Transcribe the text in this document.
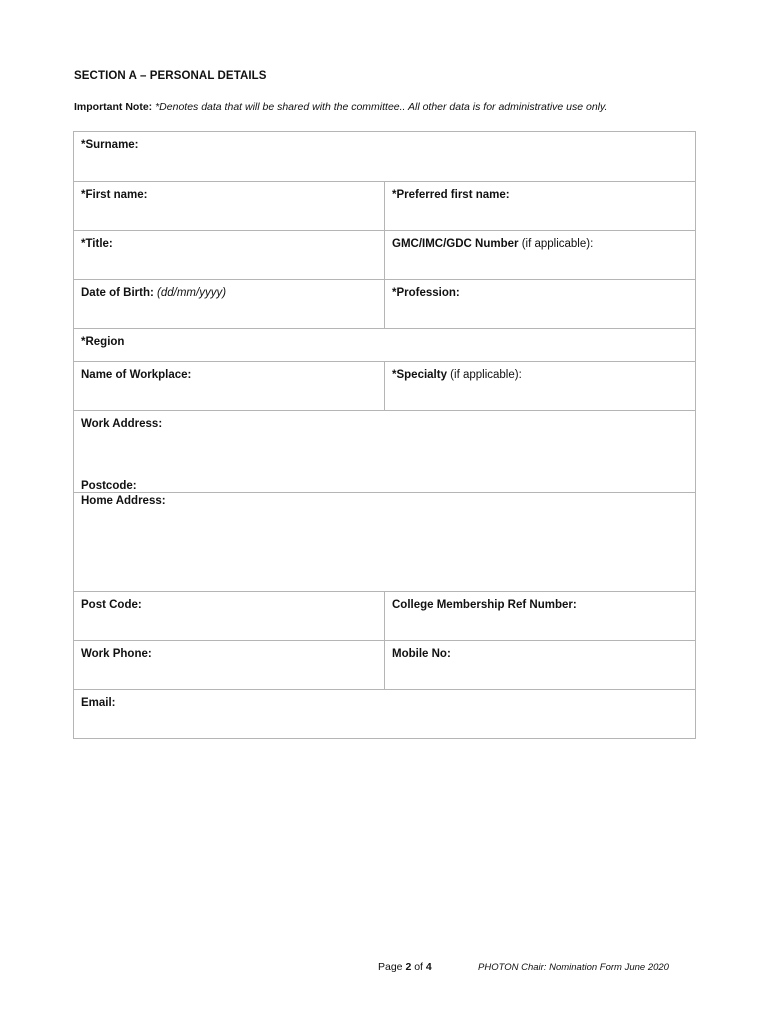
SECTION A – PERSONAL DETAILS
Important Note: *Denotes data that will be shared with the committee.. All other data is for administrative use only.
*Surname:
*First name:	*Preferred first name:
*Title:	GMC/IMC/GDC Number (if applicable):
Date of Birth: (dd/mm/yyyy)	*Profession:
*Region
Name of Workplace:	*Specialty (if applicable):
Work Address:
Postcode:
Home Address:
Post Code:	College Membership Ref Number:
Work Phone:	Mobile No:
Email:
Page 2 of 4	PHOTON Chair: Nomination Form June 2020
